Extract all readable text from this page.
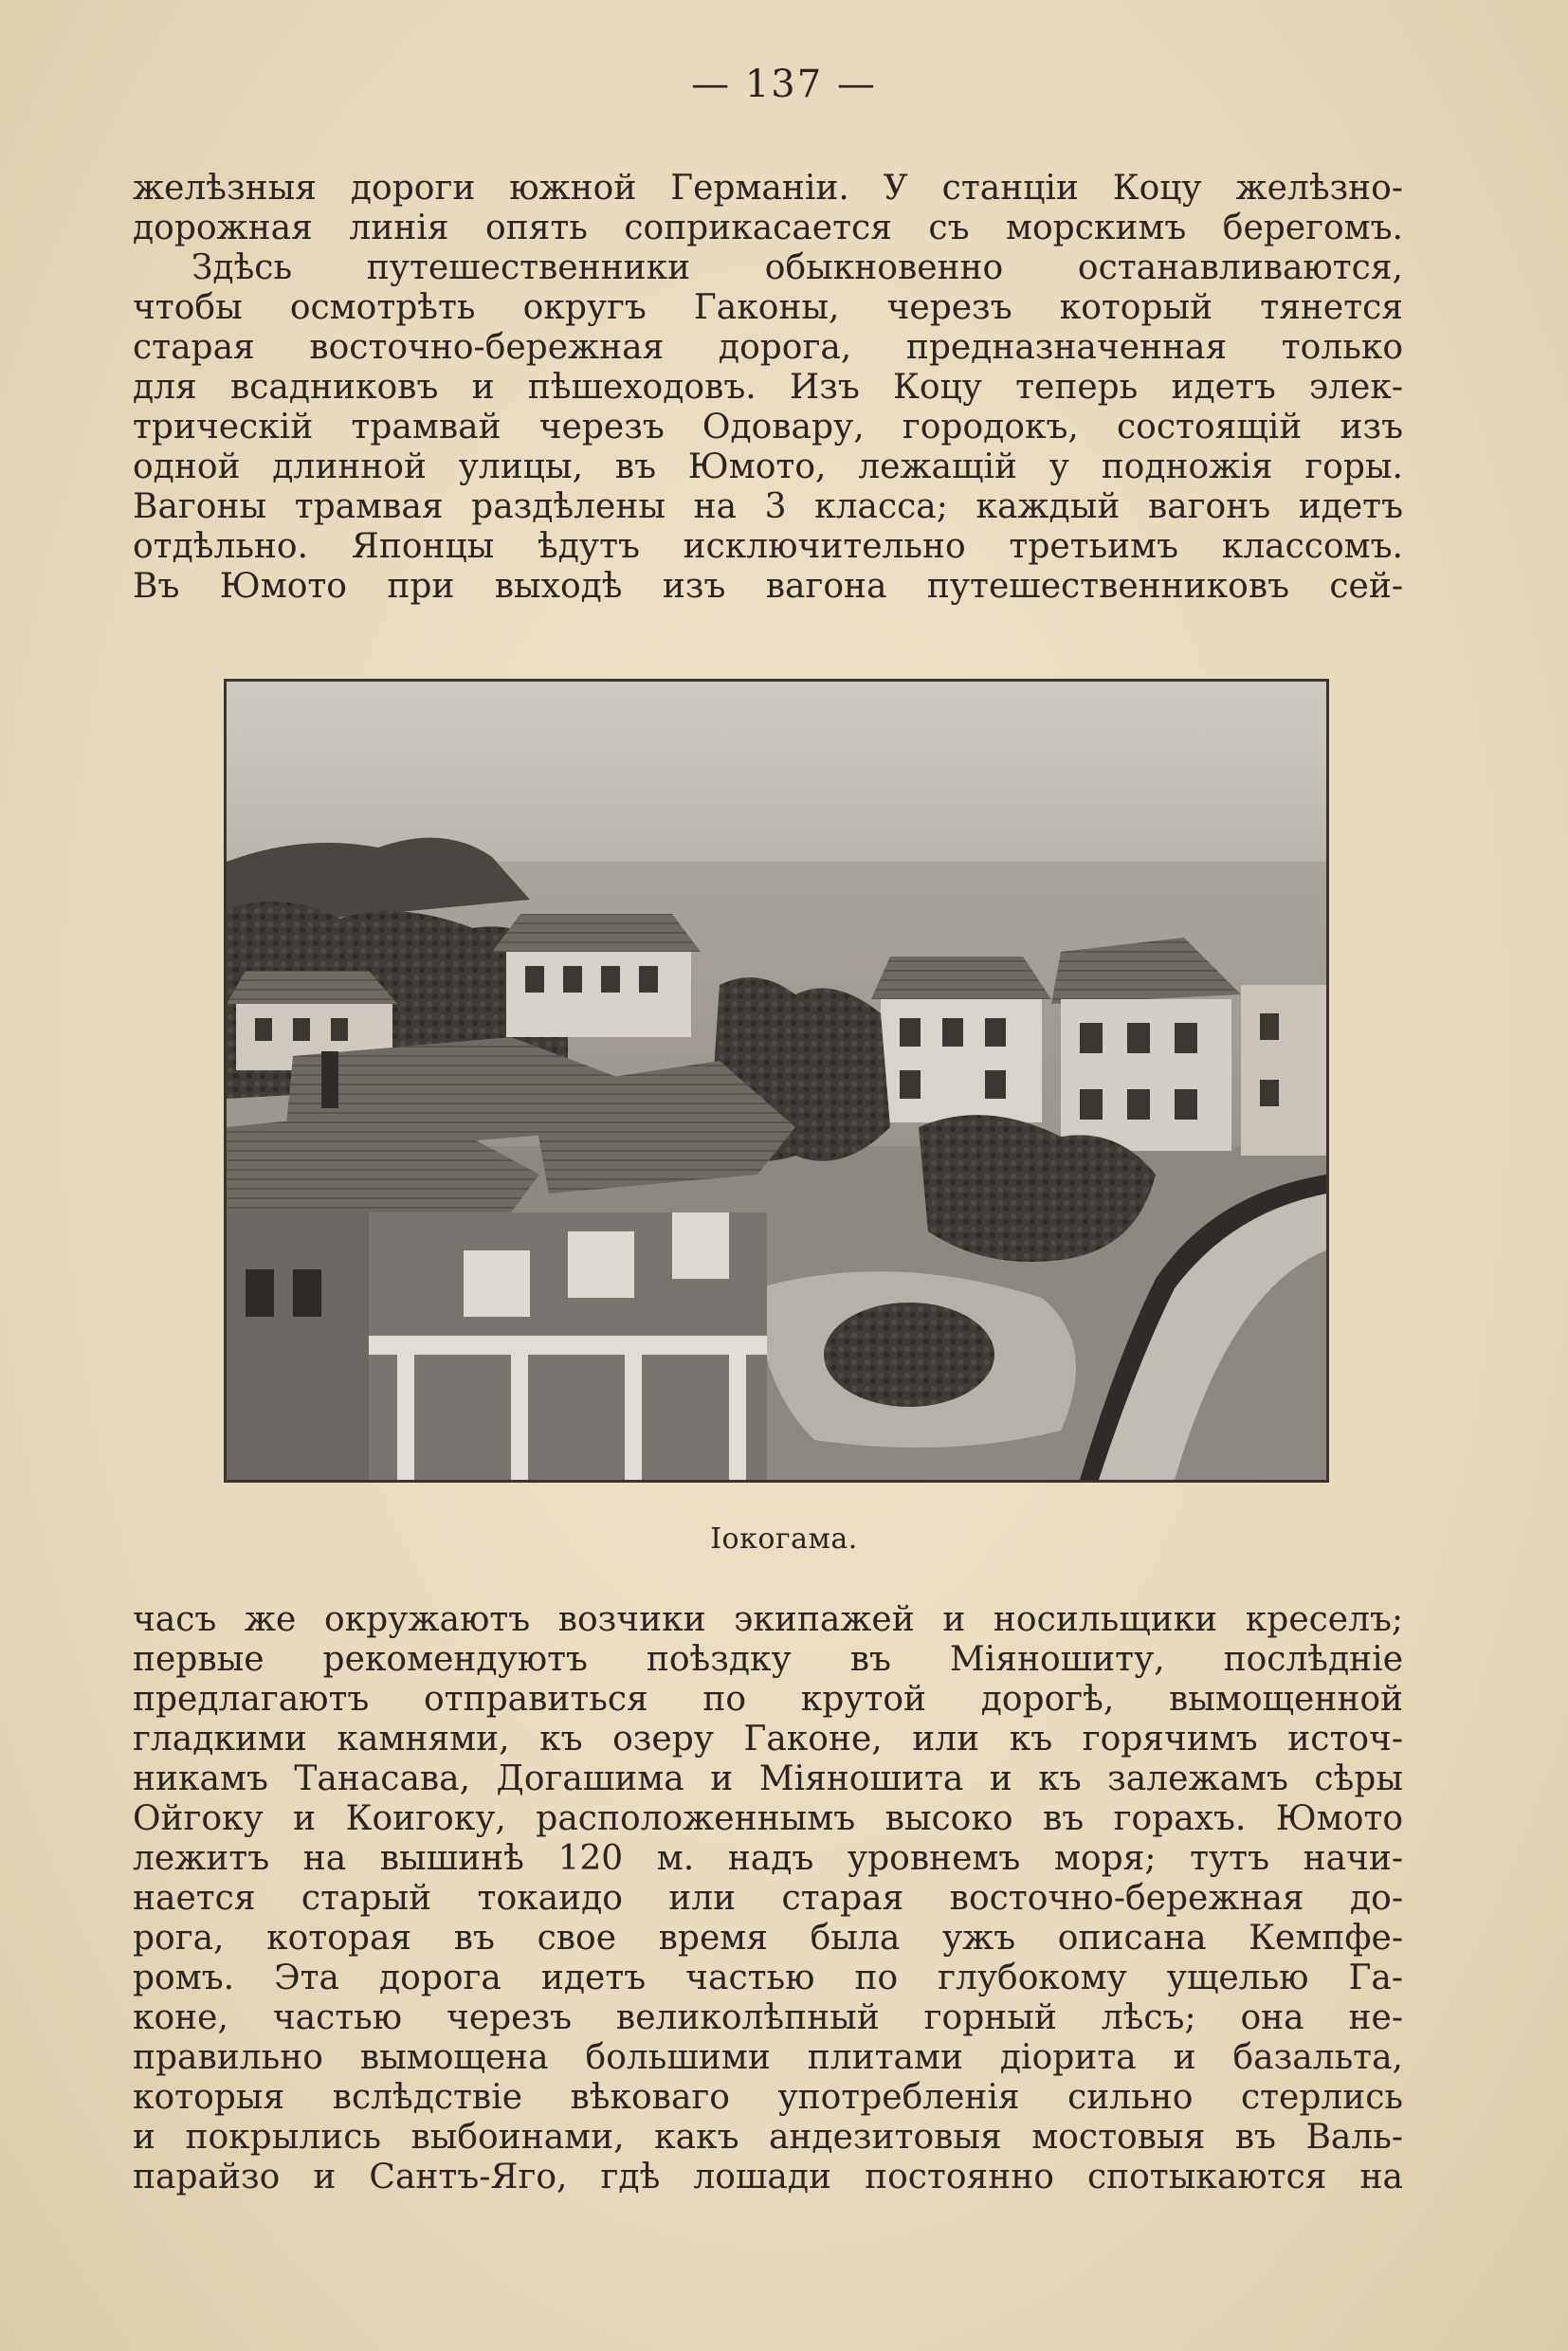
— 137 —
желѣзныя дороги южной Германіи. У станціи Коцу желѣзно-
дорожная линія опять соприкасается съ морскимъ берегомъ.
Здѣсь путешественники обыкновенно останавливаются,
чтобы осмотрѣть округъ Гаконы, черезъ который тянется
старая восточно-бережная дорога, предназначенная только
для всадниковъ и пѣшеходовъ. Изъ Коцу теперь идетъ элек-
трическій трамвай черезъ Одовару, городокъ, состоящій изъ
одной длинной улицы, въ Юмото, лежащій у подножія горы.
Вагоны трамвая раздѣлены на 3 класса; каждый вагонъ идетъ
отдѣльно. Японцы ѣдутъ исключительно третьимъ классомъ.
Въ Юмото при выходѣ изъ вагона путешественниковъ сей-
Іокогама.
часъ же окружаютъ возчики экипажей и носильщики креселъ;
первые рекомендуютъ поѣздку въ Міяношиту, послѣдніе
предлагаютъ отправиться по крутой дорогѣ, вымощенной
гладкими камнями, къ озеру Гаконе, или къ горячимъ источ-
никамъ Танасава, Догашима и Міяношита и къ залежамъ сѣры
Ойгоку и Коигоку, расположеннымъ высоко въ горахъ. Юмото
лежитъ на вышинѣ 120 м. надъ уровнемъ моря; тутъ начи-
нается старый токаидо или старая восточно-бережная до-
рога, которая въ свое время была ужъ описана Кемпфе-
ромъ. Эта дорога идетъ частью по глубокому ущелью Га-
коне, частью черезъ великолѣпный горный лѣсъ; она не-
правильно вымощена большими плитами діорита и базальта,
которыя вслѣдствіе вѣковаго употребленія сильно стерлись
и покрылись выбоинами, какъ андезитовыя мостовыя въ Валь-
парайзо и Сантъ-Яго, гдѣ лошади постоянно спотыкаются на
